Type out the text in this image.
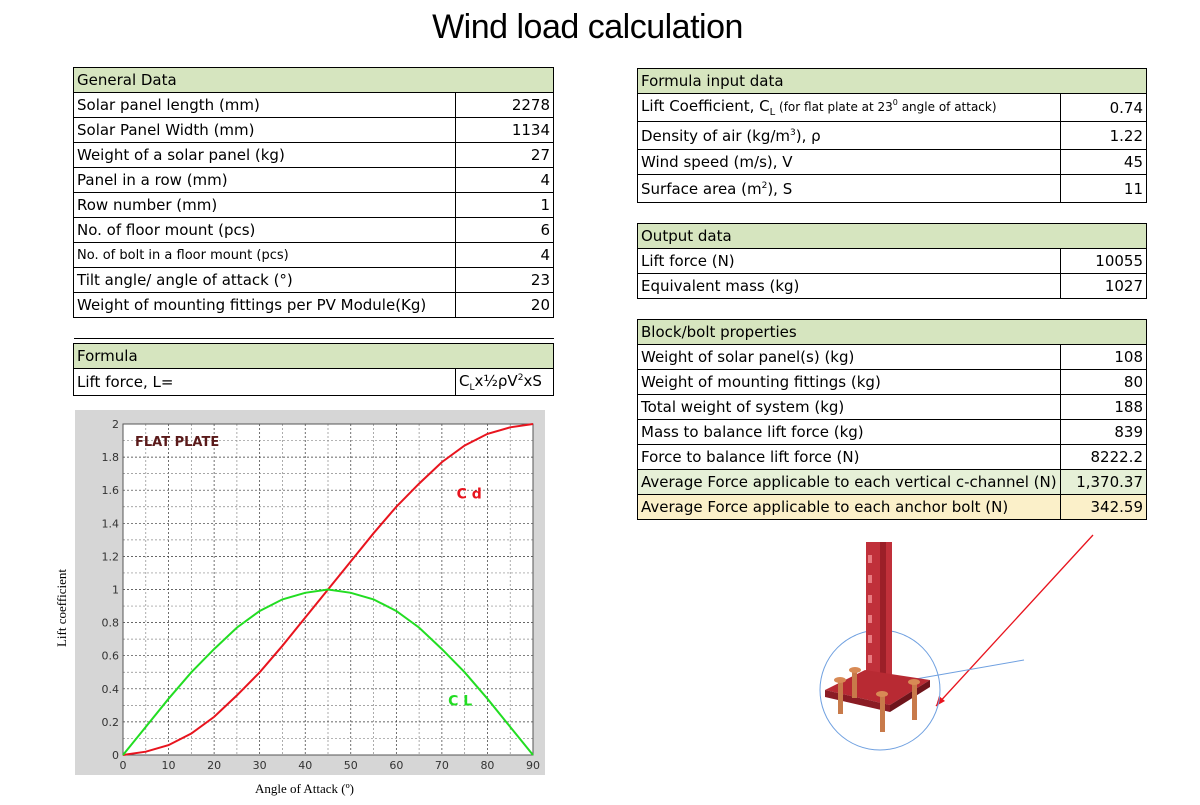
Wind load calculation
General Data	
Solar panel length (mm)	2278
Solar Panel Width (mm)	1134
Weight of a solar panel (kg)	27
Panel in a row (mm)	4
Row number (mm)	1
No. of floor mount (pcs)	6
No. of bolt in a floor mount (pcs)	4
Tilt angle/ angle of attack (°)	23
Weight of mounting fittings per PV Module(Kg)	20

Formula
Lift force, L=	$C_Lx\frac{1}{2}\rho V^2xS$
Formula input data	
Lift Coefficient, $C_L$ (for flat plate at $23^0$ angle of attack)	0.74
Density of air $(kg/m^3)$, ρ	1.22
Wind speed (m/s), V	45
Surface area $(m^2)$, S	11

Output data	
Lift force (N)	10055
Equivalent mass (kg)	1027

Block/bolt properties	
Weight of solar panel(s) (kg)	108
Weight of mounting fittings (kg)	80
Total weight of system (kg)	188
Mass to balance lift force (kg)	839
Force to balance lift force (N)	8222.2
Average Force applicable to each vertical c-channel (N)	1,370.37
Average Force applicable to each anchor bolt (N)	342.59
Lift coefficient
0	10	20	30	40	50	60	70	80	90
0
0.2
0.4
0.6
0.8
1
1.2
1.4
1.6
1.8
2
FLAT PLATE
C d
C L
Angle of Attack (º)
